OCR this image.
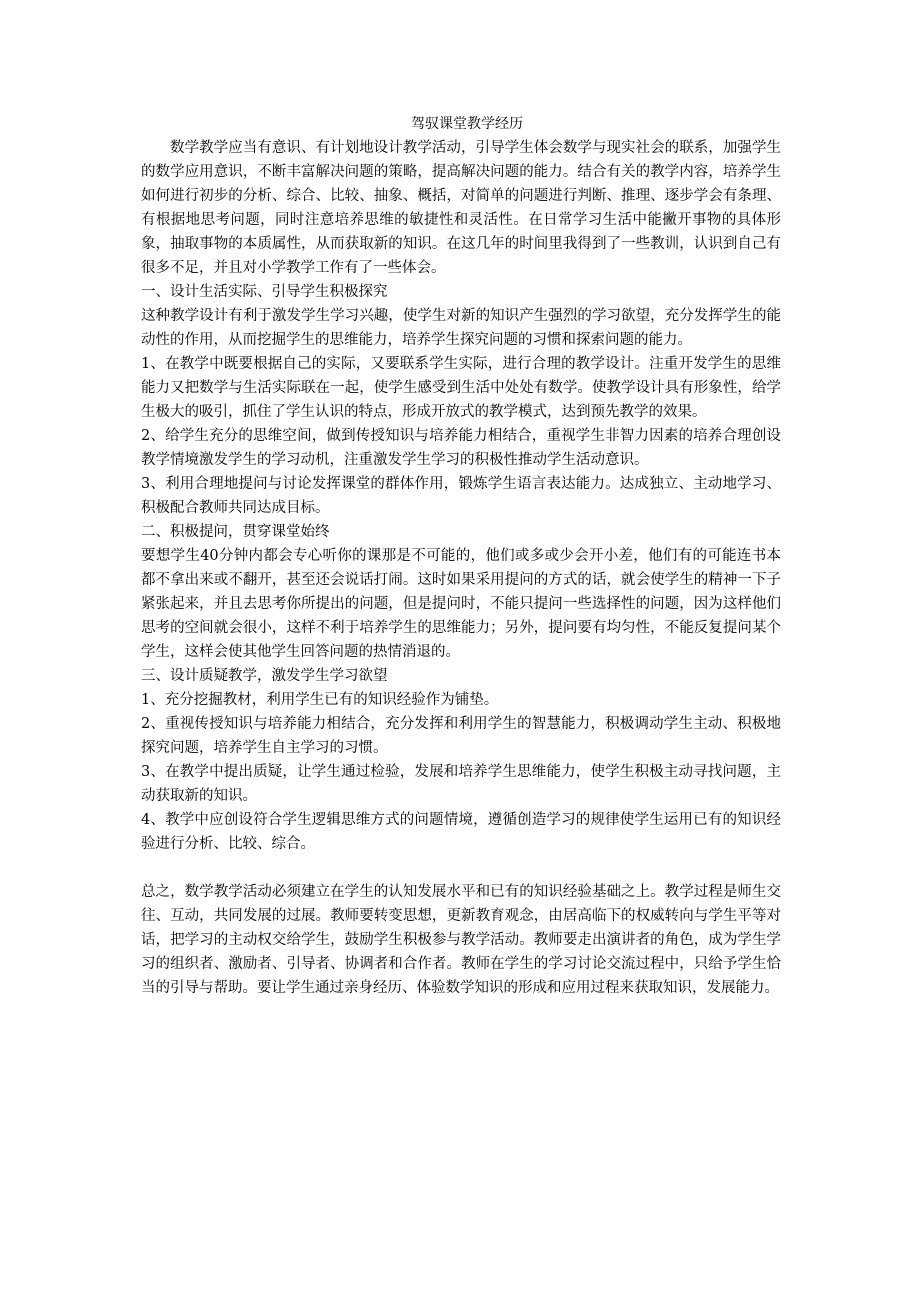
驾驭课堂教学经历

数学教学应当有意识、有计划地设计教学活动，引导学生体会数学与现实社会的联系，加强学生的数学应用意识，不断丰富解决问题的策略，提高解决问题的能力。结合有关的教学内容，培养学生如何进行初步的分析、综合、比较、抽象、概括，对简单的问题进行判断、推理、逐步学会有条理、有根据地思考问题，同时注意培养思维的敏捷性和灵活性。在日常学习生活中能撇开事物的具体形象，抽取事物的本质属性，从而获取新的知识。在这几年的时间里我得到了一些教训，认识到自己有很多不足，并且对小学教学工作有了一些体会。

一、设计生活实际、引导学生积极探究

这种教学设计有利于激发学生学习兴趣，使学生对新的知识产生强烈的学习欲望，充分发挥学生的能动性的作用，从而挖掘学生的思维能力，培养学生探究问题的习惯和探索问题的能力。

1、在教学中既要根据自己的实际，又要联系学生实际，进行合理的教学设计。注重开发学生的思维能力又把数学与生活实际联在一起，使学生感受到生活中处处有数学。使教学设计具有形象性，给学生极大的吸引，抓住了学生认识的特点，形成开放式的教学模式，达到预先教学的效果。

2、给学生充分的思维空间，做到传授知识与培养能力相结合，重视学生非智力因素的培养合理创设教学情境激发学生的学习动机，注重激发学生学习的积极性推动学生活动意识。

3、利用合理地提问与讨论发挥课堂的群体作用，锻炼学生语言表达能力。达成独立、主动地学习、积极配合教师共同达成目标。

二、积极提问，贯穿课堂始终

要想学生40分钟内都会专心听你的课那是不可能的，他们或多或少会开小差，他们有的可能连书本都不拿出来或不翻开，甚至还会说话打闹。这时如果采用提问的方式的话，就会使学生的精神一下子紧张起来，并且去思考你所提出的问题，但是提问时，不能只提问一些选择性的问题，因为这样他们思考的空间就会很小，这样不利于培养学生的思维能力；另外，提问要有均匀性，不能反复提问某个学生，这样会使其他学生回答问题的热情消退的。

三、设计质疑教学，激发学生学习欲望

1、充分挖掘教材，利用学生已有的知识经验作为铺垫。

2、重视传授知识与培养能力相结合，充分发挥和利用学生的智慧能力，积极调动学生主动、积极地探究问题，培养学生自主学习的习惯。

3、在教学中提出质疑，让学生通过检验，发展和培养学生思维能力，使学生积极主动寻找问题，主动获取新的知识。

4、教学中应创设符合学生逻辑思维方式的问题情境，遵循创造学习的规律使学生运用已有的知识经验进行分析、比较、综合。

总之，数学教学活动必须建立在学生的认知发展水平和已有的知识经验基础之上。教学过程是师生交往、互动，共同发展的过展。教师要转变思想，更新教育观念，由居高临下的权威转向与学生平等对话，把学习的主动权交给学生，鼓励学生积极参与教学活动。教师要走出演讲者的角色，成为学生学习的组织者、激励者、引导者、协调者和合作者。教师在学生的学习讨论交流过程中，只给予学生恰当的引导与帮助。要让学生通过亲身经历、体验数学知识的形成和应用过程来获取知识，发展能力。
